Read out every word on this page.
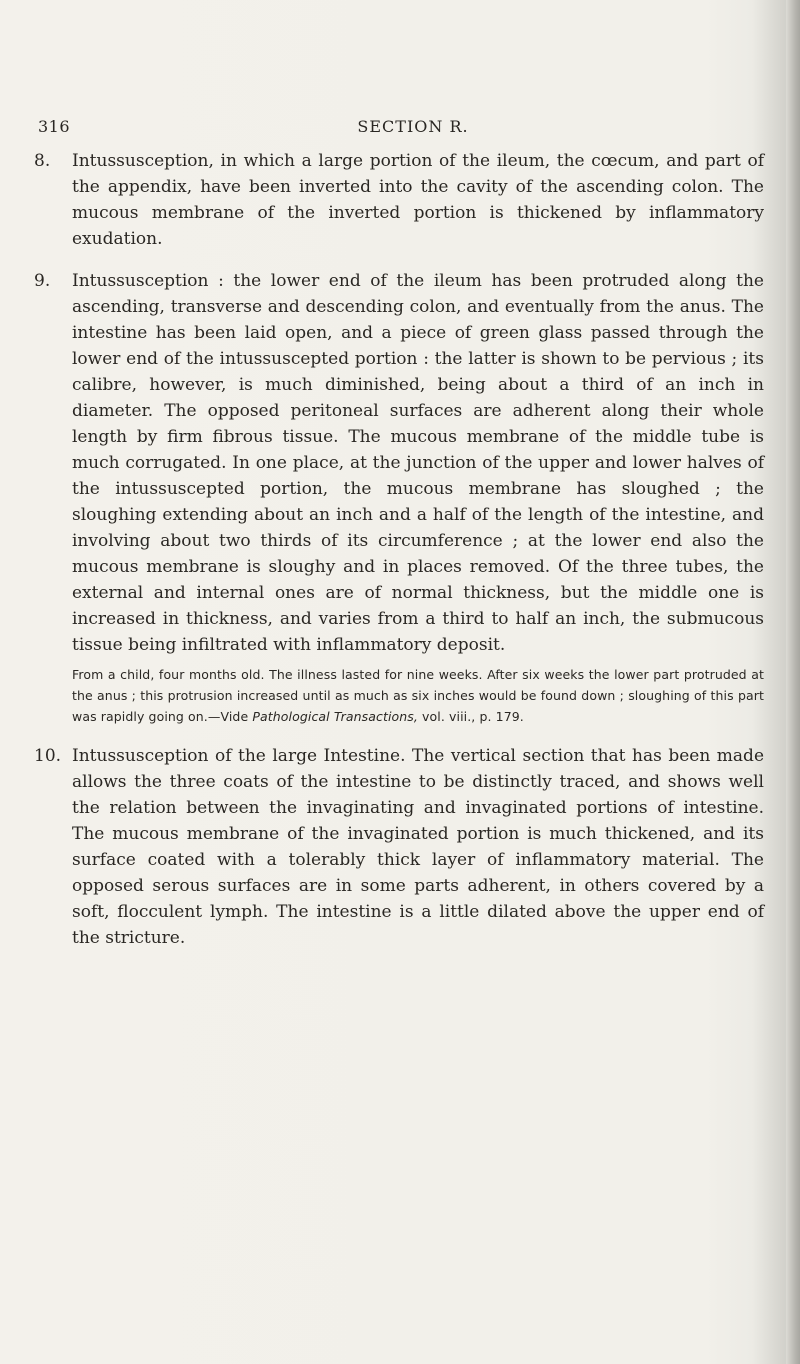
316	SECTION R.
8.	Intussusception, in which a large portion of the ileum, the cœcum, and part of the appendix, have been inverted into the cavity of the ascending colon. The mucous membrane of the inverted portion is thickened by inflammatory exudation.

9.	Intussusception : the lower end of the ileum has been protruded along the ascending, transverse and descending colon, and eventually from the anus. The intestine has been laid open, and a piece of green glass passed through the lower end of the intussuscepted portion : the latter is shown to be pervious ; its calibre, however, is much diminished, being about a third of an inch in diameter. The opposed peritoneal surfaces are adherent along their whole length by firm fibrous tissue. The mucous membrane of the middle tube is much corrugated. In one place, at the junction of the upper and lower halves of the intussuscepted portion, the mucous membrane has sloughed ; the sloughing extending about an inch and a half of the length of the intestine, and involving about two thirds of its circumference ; at the lower end also the mucous membrane is sloughy and in places removed. Of the three tubes, the external and internal ones are of normal thickness, but the middle one is increased in thickness, and varies from a third to half an inch, the submucous tissue being infiltrated with inflammatory deposit.

From a child, four months old. The illness lasted for nine weeks. After six weeks the lower part protruded at the anus ; this protrusion increased until as much as six inches would be found down ; sloughing of this part was rapidly going on.—Vide Pathological Transactions, vol. viii., p. 179.

10. Intussusception of the large Intestine. The vertical section that has been made allows the three coats of the intestine to be distinctly traced, and shows well the relation between the invaginating and invaginated portions of intestine. The mucous membrane of the invaginated portion is much thickened, and its surface coated with a tolerably thick layer of inflammatory material. The opposed serous surfaces are in some parts adherent, in others covered by a soft, flocculent lymph. The intestine is a little dilated above the upper end of the stricture.
